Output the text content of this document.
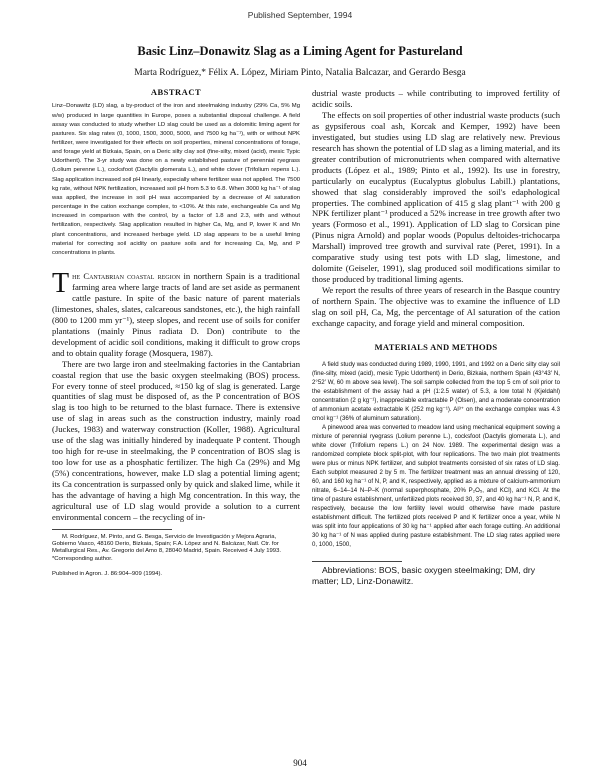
Published September, 1994
Basic Linz–Donawitz Slag as a Liming Agent for Pastureland
Marta Rodríguez,* Félix A. López, Miriam Pinto, Natalia Balcazar, and Gerardo Besga
ABSTRACT

Linz–Donawitz (LD) slag, a by-product of the iron and steelmaking industry (29% Ca, 5% Mg w/w) produced in large quantities in Europe, poses a substantial disposal challenge. A field assay was conducted to study whether LD slag could be used as a dolomitic liming agent for pastures. Six slag rates (0, 1000, 1500, 3000, 5000, and 7500 kg ha⁻¹), with or without NPK fertilizer, were investigated for their effects on soil properties, mineral concentrations of forage, and forage yield at Bizkaia, Spain, on a Deric silty clay soil (fine-silty, mixed (acid), mesic Typic Udorthent). The 3-yr study was done on a newly established pasture of perennial ryegrass (Lolium perenne L.), cocksfoot (Dactylis glomerata L.), and white clover (Trifolium repens L.). Slag application increased soil pH linearly, especially where fertilizer was not applied. The 7500 kg rate, without NPK fertilization, increased soil pH from 5.3 to 6.8. When 3000 kg ha⁻¹ of slag was applied, the increase in soil pH was accompanied by a decrease of Al saturation percentage in the cation exchange complex, to <10%. At this rate, exchangeable Ca and Mg increased in comparison with the control, by a factor of 1.8 and 2.3, with and without fertilization, respectively. Slag application resulted in higher Ca, Mg, and P, lower K and Mn plant concentrations, and increased herbage yield. LD slag appears to be a useful liming material for correcting soil acidity on pasture soils and for increasing Ca, Mg, and P concentrations in plants.

The Cantabrian coastal region in northern Spain is a traditional farming area where large tracts of land are set aside as permanent cattle pasture. In spite of the basic nature of parent materials (limestones, shales, slates, calcareous sandstones, etc.), the high rainfall (800 to 1200 mm yr⁻¹), steep slopes, and recent use of soils for conifer plantations (mainly Pinus radiata D. Don) contribute to the development of acidic soil conditions, making it difficult to grow crops and to obtain quality forage (Mosquera, 1987).

There are two large iron and steelmaking factories in the Cantabrian coastal region that use the basic oxygen steelmaking (BOS) process. For every tonne of steel produced, ≈150 kg of slag is generated. Large quantities of slag must be disposed of, as the P concentration of BOS slag is too high to be returned to the blast furnace. There is extensive use of slag in areas such as the construction industry, mainly road (Juckes, 1983) and waterway construction (Koller, 1988). Agricultural use of the slag was initially hindered by inadequate P content. Though too high for re-use in steelmaking, the P concentration of BOS slag is too low for use as a phosphatic fertilizer. The high Ca (29%) and Mg (5%) concentrations, however, make LD slag a potential liming agent; its Ca concentration is surpassed only by quick and slaked lime, while it has the advantage of having a high Mg concentration. In this way, the agricultural use of LD slag would provide a solution to a current environmental concern – the recycling of in-

M. Rodríguez, M. Pinto, and G. Besga, Servicio de Investigación y Mejora Agraria, Gobierno Vasco, 48160 Derio, Bizkaia, Spain; F.A. López and N. Balcázar, Natl. Ctr. for Metallurgical Res., Av. Gregorio del Amo 8, 28040 Madrid, Spain. Received 4 July 1993. *Corresponding author.

Published in Agron. J. 86:904–909 (1994).

dustrial waste products – while contributing to improved fertility of acidic soils.

The effects on soil properties of other industrial waste products (such as gypsiferous coal ash, Korcak and Kemper, 1992) have been investigated, but studies using LD slag are relatively new. Previous research has shown the potential of LD slag as a liming material, and its greater contribution of micronutrients when compared with alternative products (López et al., 1989; Pinto et al., 1992). Its use in forestry, particularly on eucalyptus (Eucalyptus globulus Labill.) plantations, showed that slag considerably improved the soil's edaphological properties. The combined application of 415 g slag plant⁻¹ with 200 g NPK fertilizer plant⁻¹ produced a 52% increase in tree growth after two years (Formoso et al., 1991). Application of LD slag to Corsican pine (Pinus nigra Arnold) and poplar woods (Populus deltoides-trichocarpa Marshall) improved tree growth and survival rate (Peret, 1991). In a comparative study using test pots with LD slag, limestone, and dolomite (Geiseler, 1991), slag produced soil modifications similar to those produced by traditional liming agents.

We report the results of three years of research in the Basque country of northern Spain. The objective was to examine the influence of LD slag on soil pH, Ca, Mg, the percentage of Al saturation of the cation exchange capacity, and forage yield and mineral composition.

MATERIALS AND METHODS

A field study was conducted during 1989, 1990, 1991, and 1992 on a Deric silty clay soil (fine-silty, mixed (acid), mesic Typic Udorthent) in Derio, Bizkaia, northern Spain (43°43′ N, 2°52′ W, 60 m above sea level). The soil sample collected from the top 5 cm of soil prior to the establishment of the assay had a pH (1:2.5 water) of 5.3, a low total N (Kjeldahl) concentration (2 g kg⁻¹), inappreciable extractable P (Olsen), and a moderate concentration of ammonium acetate extractable K (252 mg kg⁻¹). Al³⁺ on the exchange complex was 4.3 cmol kg⁻¹ (36% of aluminum saturation).

A pinewood area was converted to meadow land using mechanical equipment sowing a mixture of perennial ryegrass (Lolium perenne L.), cocksfoot (Dactylis glomerata L.), and white clover (Trifolium repens L.) on 24 Nov. 1989. The experimental design was a randomized complete block split-plot, with four replications. The two main plot treatments were plus or minus NPK fertilizer, and subplot treatments consisted of six rates of LD slag. Each subplot measured 2 by 5 m. The fertilizer treatment was an annual dressing of 120, 60, and 160 kg ha⁻¹ of N, P, and K, respectively, applied as a mixture of calcium-ammonium nitrate, 6–14–14 N–P–K (normal superphosphate, 20% P₂O₅, and KCl), and KCl. At the time of pasture establishment, unfertilized plots received 30, 37, and 40 kg ha⁻¹ N, P, and K, respectively, because the low fertility level would otherwise have made pasture establishment difficult. The fertilized plots received P and K fertilizer once a year, while N was split into four applications of 30 kg ha⁻¹ applied after each forage cutting. An additional 30 kg ha⁻¹ of N was applied during pasture establishment. The LD slag rates applied were 0, 1000, 1500,

Abbreviations: BOS, basic oxygen steelmaking; DM, dry matter; LD, Linz-Donawitz.

904
